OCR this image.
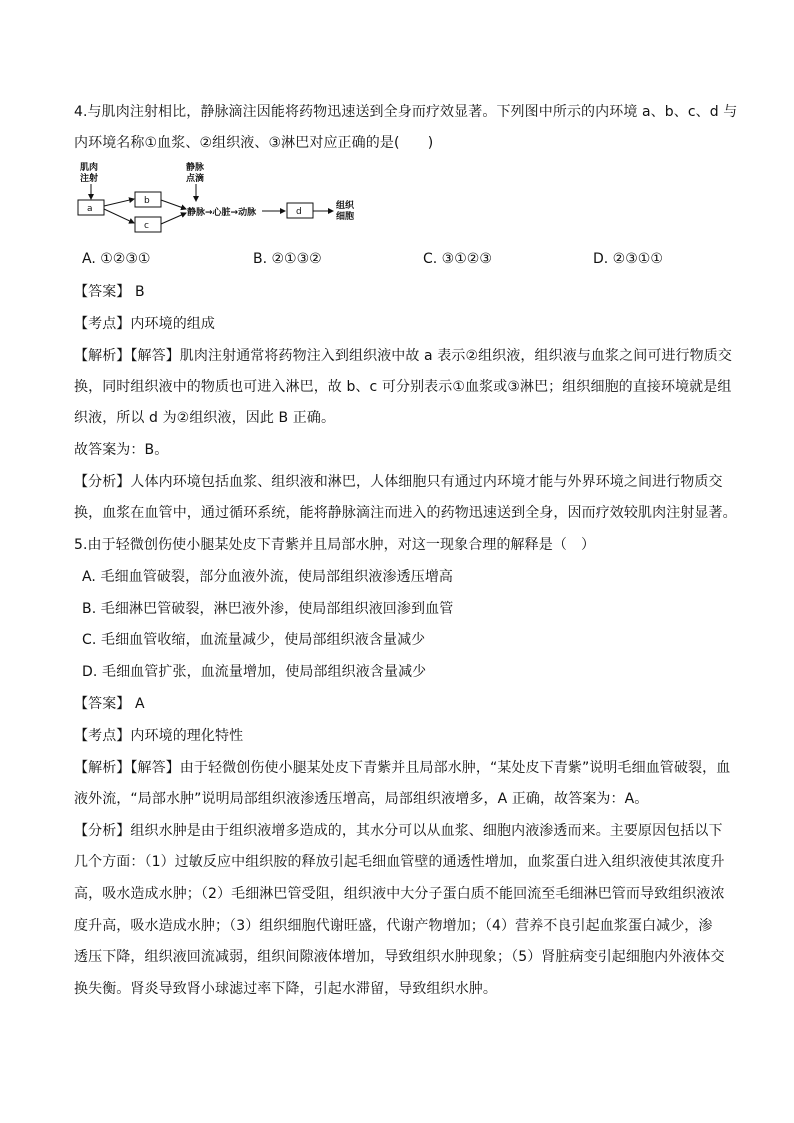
4.与肌肉注射相比，静脉滴注因能将药物迅速送到全身而疗效显著。下列图中所示的内环境 a、b、c、d 与
内环境名称①血浆、②组织液、③淋巴对应正确的是(　　)
肌肉
注射
a
b
c
静脉
点滴
静脉→心脏→动脉	d
组织
细胞
A. ①②③①	B. ②①③②	C. ③①②③	D. ②③①①
【答案】 B
【考点】内环境的组成
【解析】【解答】肌肉注射通常将药物注入到组织液中故 a 表示②组织液，组织液与血浆之间可进行物质交
换，同时组织液中的物质也可进入淋巴，故 b、c 可分别表示①血浆或③淋巴；组织细胞的直接环境就是组
织液，所以 d 为②组织液，因此 B 正确。
故答案为：B。
【分析】人体内环境包括血浆、组织液和淋巴，人体细胞只有通过内环境才能与外界环境之间进行物质交
换，血浆在血管中，通过循环系统，能将静脉滴注而进入的药物迅速送到全身，因而疗效较肌肉注射显著。
5.由于轻微创伤使小腿某处皮下青紫并且局部水肿，对这一现象合理的解释是（　）
A. 毛细血管破裂，部分血液外流，使局部组织液渗透压增高
B. 毛细淋巴管破裂，淋巴液外渗，使局部组织液回渗到血管
C. 毛细血管收缩，血流量减少，使局部组织液含量减少
D. 毛细血管扩张，血流量增加，使局部组织液含量减少
【答案】 A
【考点】内环境的理化特性
【解析】【解答】由于轻微创伤使小腿某处皮下青紫并且局部水肿，“某处皮下青紫”说明毛细血管破裂，血
液外流，“局部水肿”说明局部组织液渗透压增高，局部组织液增多，A 正确，故答案为：A。
【分析】组织水肿是由于组织液增多造成的，其水分可以从血浆、细胞内液渗透而来。主要原因包括以下
几个方面：（1）过敏反应中组织胺的释放引起毛细血管壁的通透性增加，血浆蛋白进入组织液使其浓度升
高，吸水造成水肿；（2）毛细淋巴管受阻，组织液中大分子蛋白质不能回流至毛细淋巴管而导致组织液浓
度升高，吸水造成水肿；（3）组织细胞代谢旺盛，代谢产物增加；（4）营养不良引起血浆蛋白减少，渗
透压下降，组织液回流减弱，组织间隙液体增加，导致组织水肿现象；（5）肾脏病变引起细胞内外液体交
换失衡。肾炎导致肾小球滤过率下降，引起水滞留，导致组织水肿。
